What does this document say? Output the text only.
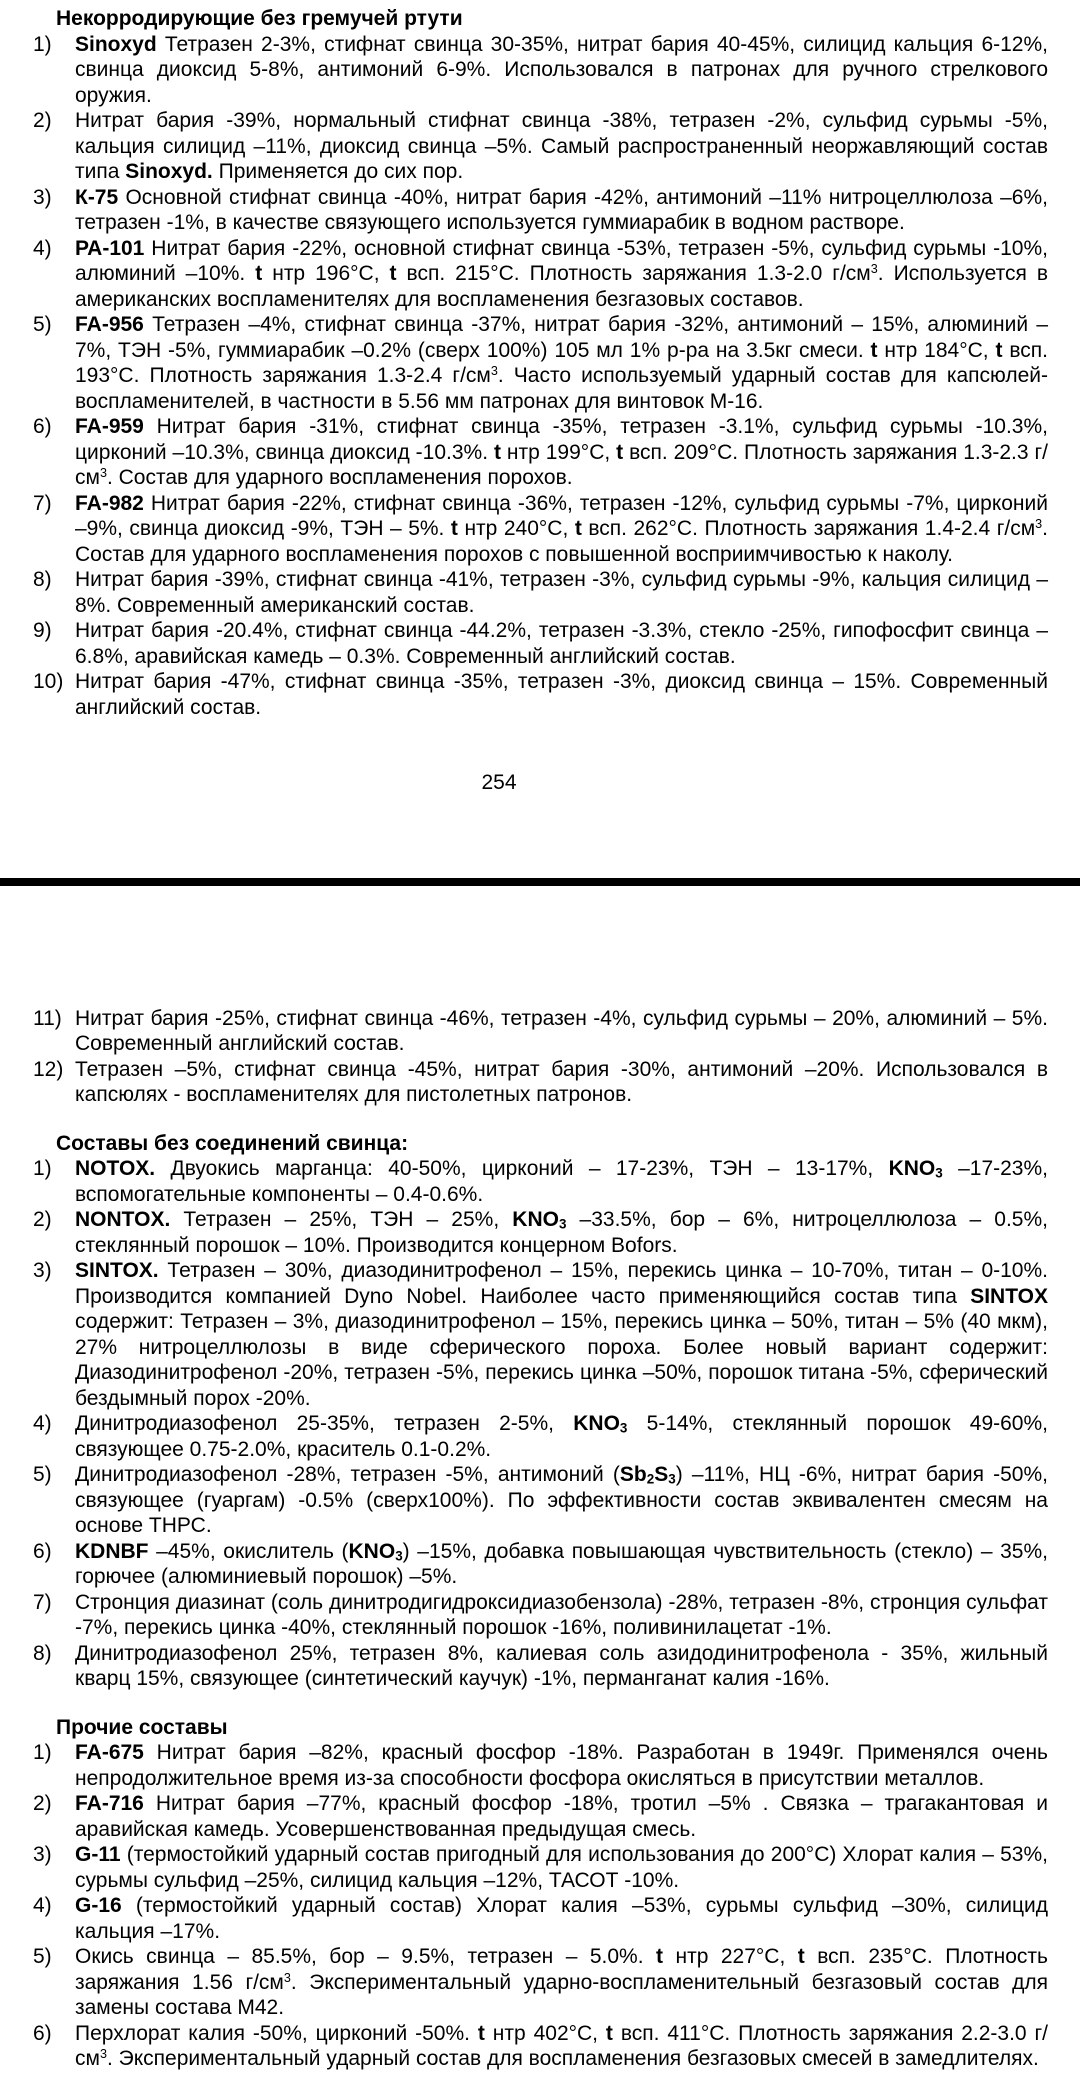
Некорродирующие без гремучей ртути
1) Sinoxyd Тетразен 2-3%, стифнат свинца 30-35%, нитрат бария 40-45%, силицид кальция 6-12%, свинца диоксид 5-8%, антимоний 6-9%. Использовался в патронах для ручного стрелкового оружия.
2) Нитрат бария -39%, нормальный стифнат свинца -38%, тетразен -2%, сульфид сурьмы -5%, кальция силицид –11%, диоксид свинца –5%. Самый распространенный неоржавляющий состав типа Sinoxyd. Применяется до сих пор.
3) К-75 Основной стифнат свинца -40%, нитрат бария -42%, антимоний –11% нитроцеллюлоза –6%, тетразен -1%, в качестве связующего используется гуммиарабик в водном растворе.
4) РА-101 Нитрат бария -22%, основной стифнат свинца -53%, тетразен -5%, сульфид сурьмы -10%, алюминий –10%. t нтр 196°С, t всп. 215°С. Плотность заряжания 1.3-2.0 $г/см^3$. Используется в американских воспламенителях для воспламенения безгазовых составов.
5) FA-956 Тетразен –4%, стифнат свинца -37%, нитрат бария -32%, антимоний – 15%, алюминий –7%, ТЭН -5%, гуммиарабик –0.2% (сверх 100%) 105 мл 1% р-ра на 3.5кг смеси. t нтр 184°С, t всп. 193°С. Плотность заряжания 1.3-2.4 $г/см^3$. Часто используемый ударный состав для капсюлей-воспламенителей, в частности в 5.56 мм патронах для винтовок М-16.
6) FA-959 Нитрат бария -31%, стифнат свинца -35%, тетразен -3.1%, сульфид сурьмы -10.3%, цирконий –10.3%, свинца диоксид -10.3%. t нтр 199°С, t всп. 209°С. Плотность заряжания 1.3-2.3 $г/см^3$. Состав для ударного воспламенения порохов.
7) FA-982 Нитрат бария -22%, стифнат свинца -36%, тетразен -12%, сульфид сурьмы -7%, цирконий –9%, свинца диоксид -9%, ТЭН – 5%. t нтр 240°С, t всп. 262°С. Плотность заряжания 1.4-2.4 $г/см^3$. Состав для ударного воспламенения порохов с повышенной восприимчивостью к наколу.
8) Нитрат бария -39%, стифнат свинца -41%, тетразен -3%, сульфид сурьмы -9%, кальция силицид – 8%. Современный американский состав.
9) Нитрат бария -20.4%, стифнат свинца -44.2%, тетразен -3.3%, стекло -25%, гипофосфит свинца – 6.8%, аравийская камедь – 0.3%. Современный английский состав.
10) Нитрат бария -47%, стифнат свинца -35%, тетразен -3%, диоксид свинца – 15%. Современный английский состав.
254
11) Нитрат бария -25%, стифнат свинца -46%, тетразен -4%, сульфид сурьмы – 20%, алюминий – 5%. Современный английский состав.
12) Тетразен –5%, стифнат свинца -45%, нитрат бария -30%, антимоний –20%. Использовался в капсюлях - воспламенителях для пистолетных патронов.
Составы без соединений свинца:
1) NOTOX. Двуокись марганца: 40-50%, цирконий – 17-23%, ТЭН – 13-17%, $KNO_3$ –17-23%, вспомогательные компоненты – 0.4-0.6%.
2) NONTOX. Тетразен – 25%, ТЭН – 25%, $KNO_3$ –33.5%, бор – 6%, нитроцеллюлоза – 0.5%, стеклянный порошок – 10%. Производится концерном Bofors.
3) SINTOX. Тетразен – 30%, диазодинитрофенол – 15%, перекись цинка – 10-70%, титан – 0-10%. Производится компанией Dyno Nobel. Наиболее часто применяющийся состав типа SINTOX содержит: Тетразен – 3%, диазодинитрофенол – 15%, перекись цинка – 50%, титан – 5% (40 мкм), 27% нитроцеллюлозы в виде сферического пороха. Более новый вариант содержит: Диазодинитрофенол -20%, тетразен -5%, перекись цинка –50%, порошок титана -5%, сферический бездымный порох -20%.
4) Динитродиазофенол 25-35%, тетразен 2-5%, $KNO_3$ 5-14%, стеклянный порошок 49-60%, связующее 0.75-2.0%, краситель 0.1-0.2%.
5) Динитродиазофенол -28%, тетразен -5%, антимоний $(Sb_2S_3)$ –11%, НЦ -6%, нитрат бария -50%, связующее (гуаргам) -0.5% (сверх100%). По эффективности состав эквивалентен смесям на основе ТНРС.
6) KDNBF –45%, окислитель $(KNO_3)$ –15%, добавка повышающая чувствительность (стекло) – 35%, горючее (алюминиевый порошок) –5%.
7) Стронция диазинат (соль динитродигидроксидиазобензола) -28%, тетразен -8%, стронция сульфат -7%, перекись цинка -40%, стеклянный порошок -16%, поливинилацетат -1%.
8) Динитродиазофенол 25%, тетразен 8%, калиевая соль азидодинитрофенола - 35%, жильный кварц 15%, связующее (синтетический каучук) -1%, перманганат калия -16%.
Прочие составы
1) FA-675 Нитрат бария –82%, красный фосфор -18%. Разработан в 1949г. Применялся очень непродолжительное время из-за способности фосфора окисляться в присутствии металлов.
2) FA-716 Нитрат бария –77%, красный фосфор -18%, тротил –5% . Связка – трагакантовая и аравийская камедь. Усовершенствованная предыдущая смесь.
3) G-11 (термостойкий ударный состав пригодный для использования до 200°С) Хлорат калия – 53%, сурьмы сульфид –25%, силицид кальция –12%, ТАСОТ -10%.
4) G-16 (термостойкий ударный состав) Хлорат калия –53%, сурьмы сульфид –30%, силицид кальция –17%.
5) Окись свинца – 85.5%, бор – 9.5%, тетразен – 5.0%. t нтр 227°С, t всп. 235°С. Плотность заряжания 1.56 $г/см^3$. Экспериментальный ударно-воспламенительный безгазовый состав для замены состава М42.
6) Перхлорат калия -50%, цирконий -50%. t нтр 402°С, t всп. 411°С. Плотность заряжания 2.2-3.0 $г/см^3$. Экспериментальный ударный состав для воспламенения безгазовых смесей в замедлителях.
